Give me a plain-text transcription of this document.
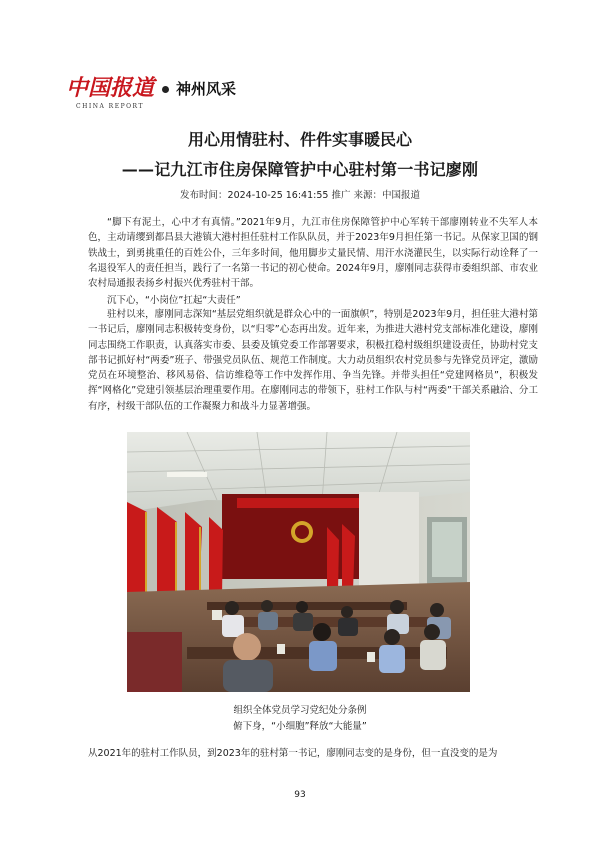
中国报道
CHINA REPORT
神州风采
用心用情驻村、件件实事暖民心
——记九江市住房保障管护中心驻村第一书记廖刚
发布时间：2024-10-25 16:41:55 推广 来源：中国报道

“脚下有泥土，心中才有真情。”2021年9月，九江市住房保障管护中心军转干部廖刚转业不失军人本色，主动请缨到都昌县大港镇大港村担任驻村工作队队员，并于2023年9月担任第一书记。从保家卫国的钢铁战士，到勇挑重任的百姓公仆，三年多时间，他用脚步丈量民情、用汗水浇灌民生，以实际行动诠释了一名退役军人的责任担当，践行了一名第一书记的初心使命。2024年9月，廖刚同志获得市委组织部、市农业农村局通报表扬乡村振兴优秀驻村干部。

沉下心，“小岗位”扛起“大责任”

驻村以来，廖刚同志深知“基层党组织就是群众心中的一面旗帜”，特别是2023年9月，担任驻大港村第一书记后，廖刚同志积极转变身份，以“归零”心态再出发。近年来，为推进大港村党支部标准化建设，廖刚同志围绕工作职责，认真落实市委、县委及镇党委工作部署要求，积极扛稳村级组织建设责任，协助村党支部书记抓好村“两委”班子、带强党员队伍、规范工作制度。大力动员组织农村党员参与先锋党员评定，激励党员在环境整治、移风易俗、信访维稳等工作中发挥作用、争当先锋。并带头担任“党建网格员”，积极发挥“网格化”党建引领基层治理重要作用。在廖刚同志的带领下，驻村工作队与村“两委”干部关系融洽、分工有序，村级干部队伍的工作凝聚力和战斗力显著增强。

组织全体党员学习党纪处分条例
俯下身，“小细胞”释放“大能量”

从2021年的驻村工作队员，到2023年的驻村第一书记，廖刚同志变的是身份，但一直没变的是为

93
